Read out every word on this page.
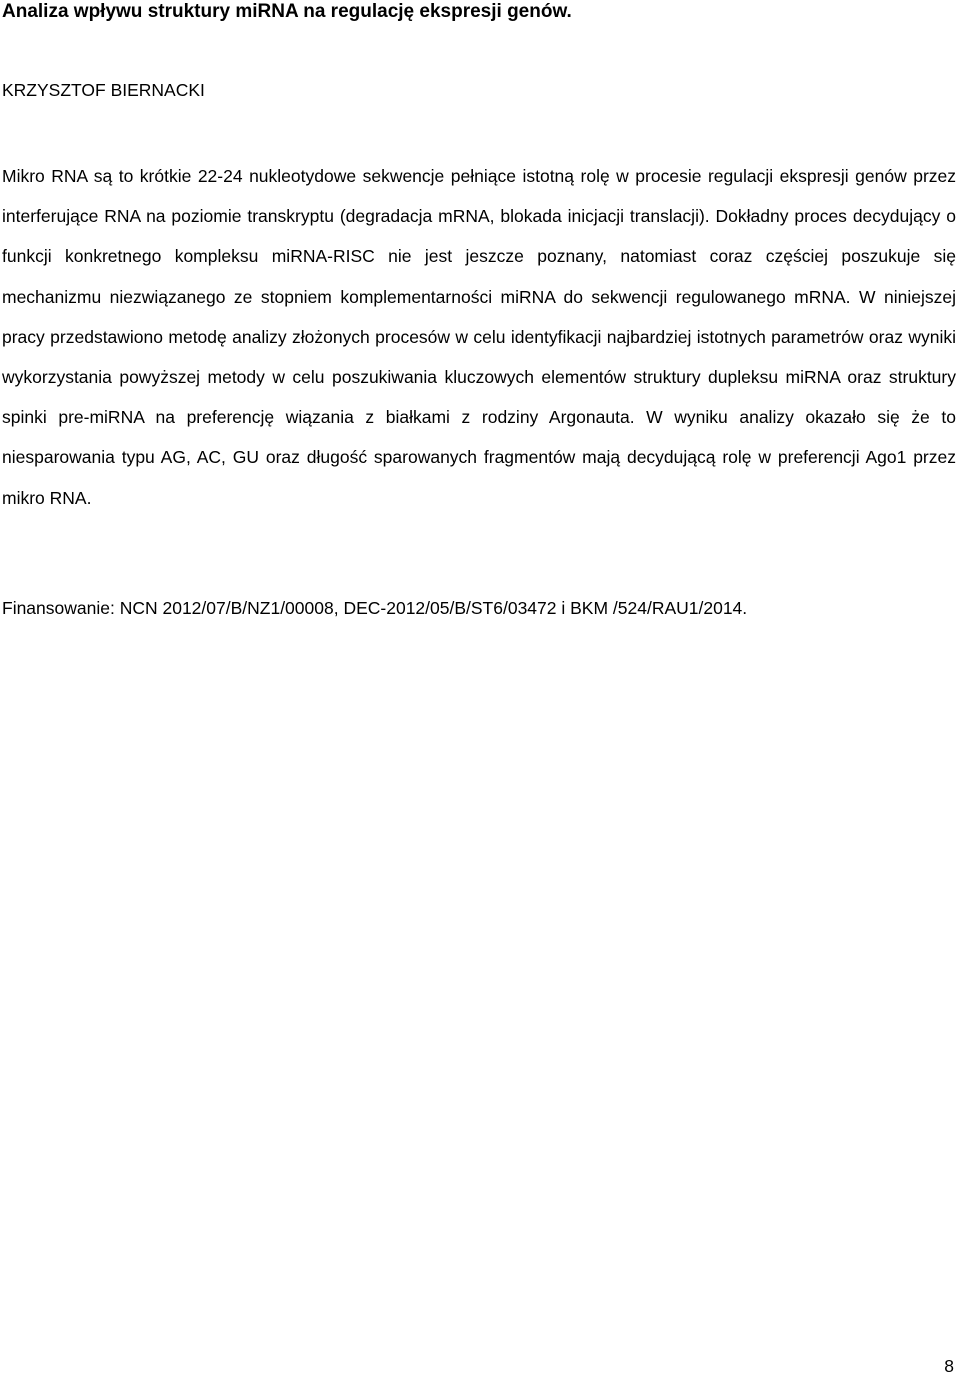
Analiza wpływu struktury miRNA na regulację ekspresji genów.

KRZYSZTOF BIERNACKI

Mikro RNA są to krótkie 22-24 nukleotydowe sekwencje pełniące istotną rolę w procesie regulacji ekspresji genów przez interferujące RNA na poziomie transkryptu (degradacja mRNA, blokada inicjacji translacji). Dokładny proces decydujący o funkcji konkretnego kompleksu miRNA-RISC nie jest jeszcze poznany, natomiast coraz częściej poszukuje się mechanizmu niezwiązanego ze stopniem komplementarności miRNA do sekwencji regulowanego mRNA. W niniejszej pracy przedstawiono metodę analizy złożonych procesów w celu identyfikacji najbardziej istotnych parametrów oraz wyniki wykorzystania powyższej metody w celu poszukiwania kluczowych elementów struktury dupleksu miRNA oraz struktury spinki pre-miRNA na preferencję wiązania z białkami z rodziny Argonauta. W wyniku analizy okazało się że to niesparowania typu AG, AC, GU oraz długość sparowanych fragmentów mają decydującą rolę w preferencji Ago1 przez mikro RNA.

Finansowanie: NCN 2012/07/B/NZ1/00008, DEC-2012/05/B/ST6/03472 i BKM /524/RAU1/2014.

8
